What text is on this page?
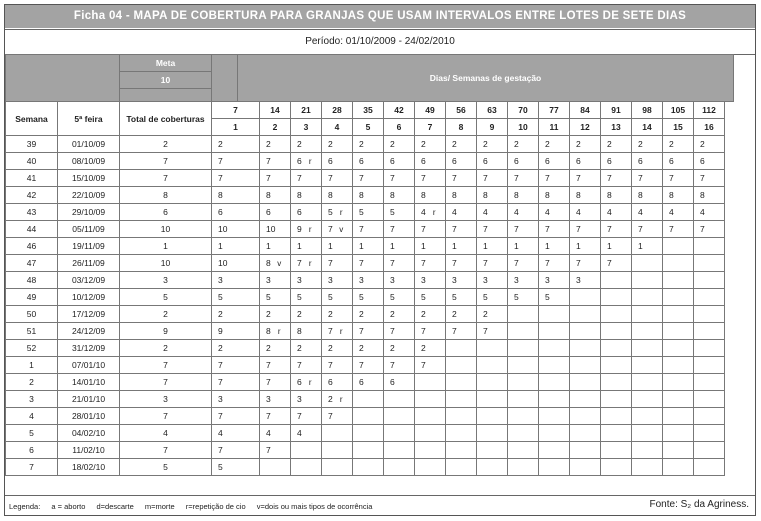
Ficha 04 - MAPA DE COBERTURA PARA GRANJAS QUE USAM INTERVALOS ENTRE LOTES DE SETE DIAS
Período: 01/10/2009 - 24/02/2010
		Meta		Dias/ Semanas de gestação																														
		10																																

Semana	5ª feira	Total de coberturas	7		14		21		28		35		42		49		56		63		70		77		84		91		98		105		112	
			1		2		3		4		5		6		7		8		9		10		11		12		13		14		15		16	
39	01/10/09	2	2		2		2		2		2		2		2		2		2		2		2		2		2		2		2		2	
40	08/10/09	7	7		7		6	r	6		6		6		6		6		6		6		6		6		6		6		6		6	
41	15/10/09	7	7		7		7		7		7		7		7		7		7		7		7		7		7		7		7		7	
42	22/10/09	8	8		8		8		8		8		8		8		8		8		8		8		8		8		8		8		8	
43	29/10/09	6	6		6		6		5	r	5		5		4	r	4		4		4		4		4		4		4		4		4	
44	05/11/09	10	10		10		9	r	7	v	7		7		7		7		7		7		7		7		7		7		7		7	
46	19/11/09	1	1		1		1		1		1		1		1		1		1		1		1		1		1		1					
47	26/11/09	10	10		8	v	7	r	7		7		7		7		7		7		7		7		7		7							
48	03/12/09	3	3		3		3		3		3		3		3		3		3		3		3		3									
49	10/12/09	5	5		5		5		5		5		5		5		5		5		5		5											
50	17/12/09	2	2		2		2		2		2		2		2		2		2															
51	24/12/09	9	9		8	r	8		7	r	7		7		7		7		7															
52	31/12/09	2	2		2		2		2		2		2		2																			
1	07/01/10	7	7		7		7		7		7		7		7																			
2	14/01/10	7	7		7		6	r	6		6		6																					
3	21/01/10	3	3		3		3		2	r																								
4	28/01/10	7	7		7		7		7																									
5	04/02/10	4	4		4		4																											
6	11/02/10	7	7		7																													
7	18/02/10	5	5																															
Legenda: a = aborto d=descarte m=morte r=repetição de cio v=dois ou mais tipos de ocorrência	Fonte: S₂ da Agriness.
